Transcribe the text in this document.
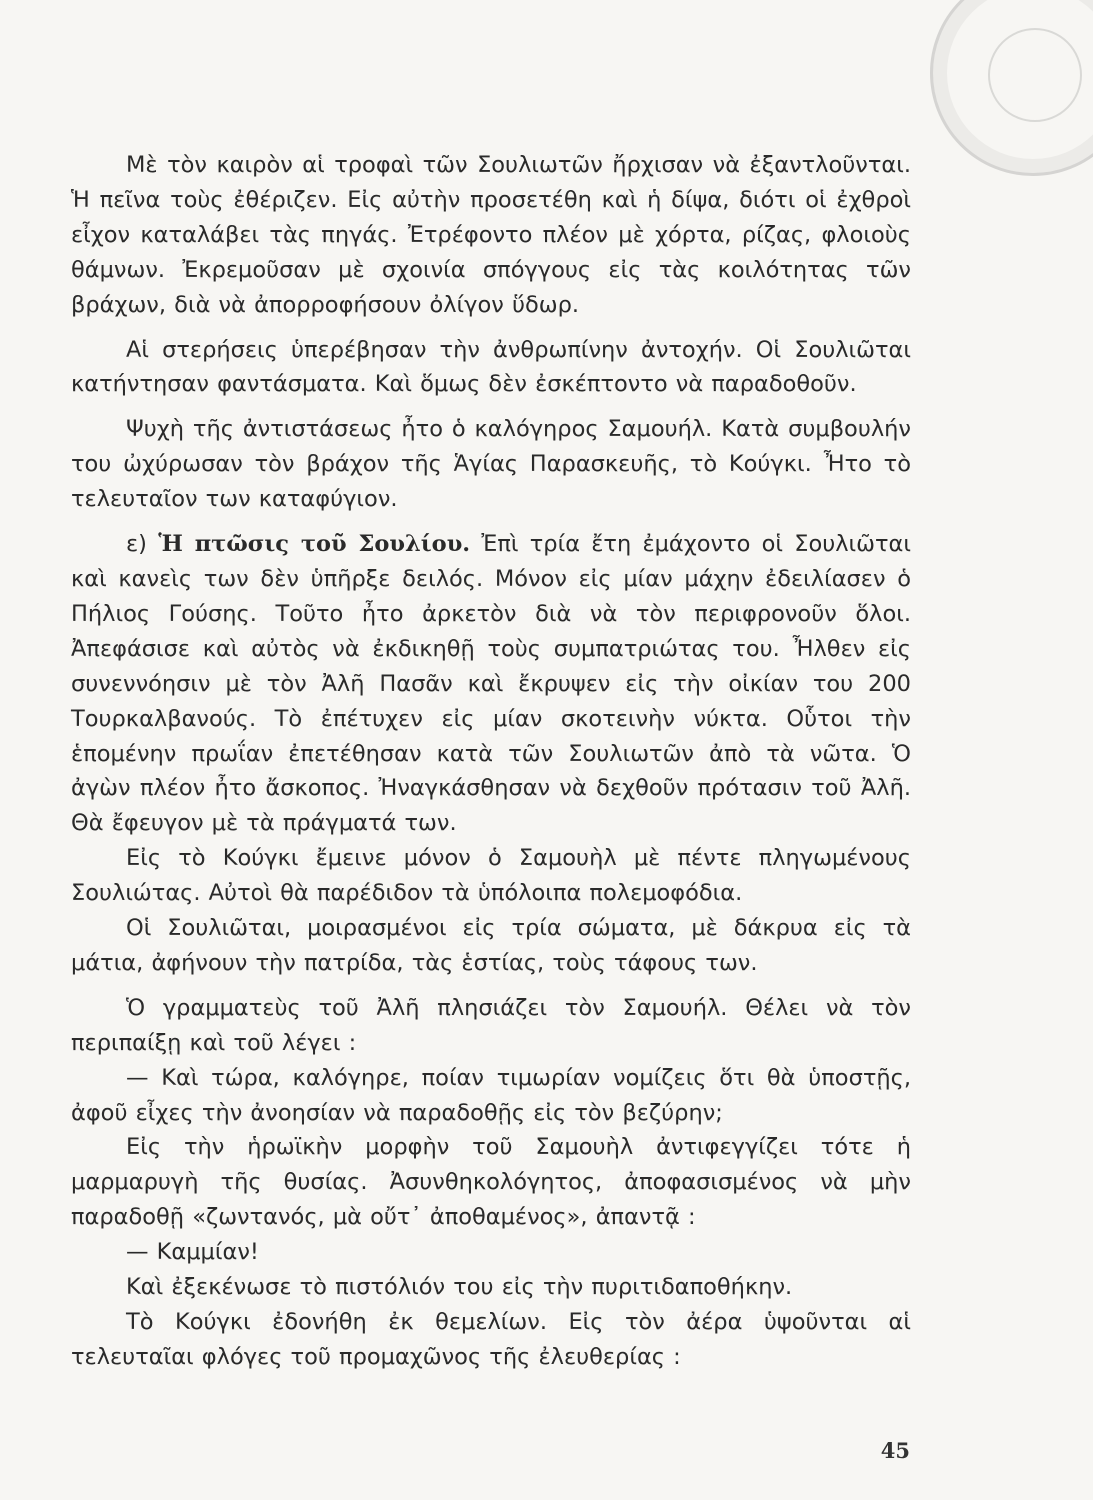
Μὲ τὸν καιρὸν αἱ τροφαὶ τῶν Σουλιωτῶν ἤρχισαν νὰ ἐξαντλοῦνται. Ἡ πεῖνα τοὺς ἐθέριζεν. Εἰς αὐτὴν προσετέθη καὶ ἡ δίψα, διότι οἱ ἐχθροὶ εἶχον καταλάβει τὰς πηγάς. Ἐτρέφοντο πλέον μὲ χόρτα, ρίζας, φλοιοὺς θάμνων. Ἐκρεμοῦσαν μὲ σχοινία σπόγγους εἰς τὰς κοιλότητας τῶν βράχων, διὰ νὰ ἀπορροφήσουν ὀλίγον ὕδωρ.

Αἱ στερήσεις ὑπερέβησαν τὴν ἀνθρωπίνην ἀντοχήν. Οἱ Σουλιῶται κατήντησαν φαντάσματα. Καὶ ὅμως δὲν ἐσκέπτοντο νὰ παραδοθοῦν.

Ψυχὴ τῆς ἀντιστάσεως ἦτο ὁ καλόγηρος Σαμουήλ. Κατὰ συμβουλήν του ὠχύρωσαν τὸν βράχον τῆς Ἁγίας Παρασκευῆς, τὸ Κούγκι. Ἦτο τὸ τελευταῖον των καταφύγιον.

ε) Ἡ πτῶσις τοῦ Σουλίου. Ἐπὶ τρία ἔτη ἐμάχοντο οἱ Σουλιῶται καὶ κανεὶς των δὲν ὑπῆρξε δειλός. Μόνον εἰς μίαν μάχην ἐδειλίασεν ὁ Πήλιος Γούσης. Τοῦτο ἦτο ἀρκετὸν διὰ νὰ τὸν περιφρονοῦν ὅλοι. Ἀπεφάσισε καὶ αὐτὸς νὰ ἐκδικηθῇ τοὺς συμπατριώτας του. Ἦλθεν εἰς συνεννόησιν μὲ τὸν Ἀλῆ Πασᾶν καὶ ἔκρυψεν εἰς τὴν οἰκίαν του 200 Τουρκαλβανούς. Τὸ ἐπέτυχεν εἰς μίαν σκοτεινὴν νύκτα. Οὗτοι τὴν ἑπομένην πρωΐαν ἐπετέθησαν κατὰ τῶν Σουλιωτῶν ἀπὸ τὰ νῶτα. Ὁ ἀγὼν πλέον ἦτο ἄσκοπος. Ἠναγκάσθησαν νὰ δεχθοῦν πρότασιν τοῦ Ἀλῆ. Θὰ ἔφευγον μὲ τὰ πράγματά των.

Εἰς τὸ Κούγκι ἔμεινε μόνον ὁ Σαμουὴλ μὲ πέντε πληγωμένους Σουλιώτας. Αὐτοὶ θὰ παρέδιδον τὰ ὑπόλοιπα πολεμοφόδια.

Οἱ Σουλιῶται, μοιρασμένοι εἰς τρία σώματα, μὲ δάκρυα εἰς τὰ μάτια, ἀφήνουν τὴν πατρίδα, τὰς ἑστίας, τοὺς τάφους των.

Ὁ γραμματεὺς τοῦ Ἀλῆ πλησιάζει τὸν Σαμουήλ. Θέλει νὰ τὸν περιπαίξῃ καὶ τοῦ λέγει :

— Καὶ τώρα, καλόγηρε, ποίαν τιμωρίαν νομίζεις ὅτι θὰ ὑποστῇς, ἀφοῦ εἶχες τὴν ἀνοησίαν νὰ παραδοθῇς εἰς τὸν βεζύρην;

Εἰς τὴν ἡρωϊκὴν μορφὴν τοῦ Σαμουὴλ ἀντιφεγγίζει τότε ἡ μαρμαρυγὴ τῆς θυσίας. Ἀσυνθηκολόγητος, ἀποφασισμένος νὰ μὴν παραδοθῇ «ζωντανός, μὰ οὔτ᾽ ἀποθαμένος», ἀπαντᾷ :

— Καμμίαν!

Καὶ ἐξεκένωσε τὸ πιστόλιόν του εἰς τὴν πυριτιδαποθήκην.

Τὸ Κούγκι ἐδονήθη ἐκ θεμελίων. Εἰς τὸν ἀέρα ὑψοῦνται αἱ τελευταῖαι φλόγες τοῦ προμαχῶνος τῆς ἐλευθερίας :

45
